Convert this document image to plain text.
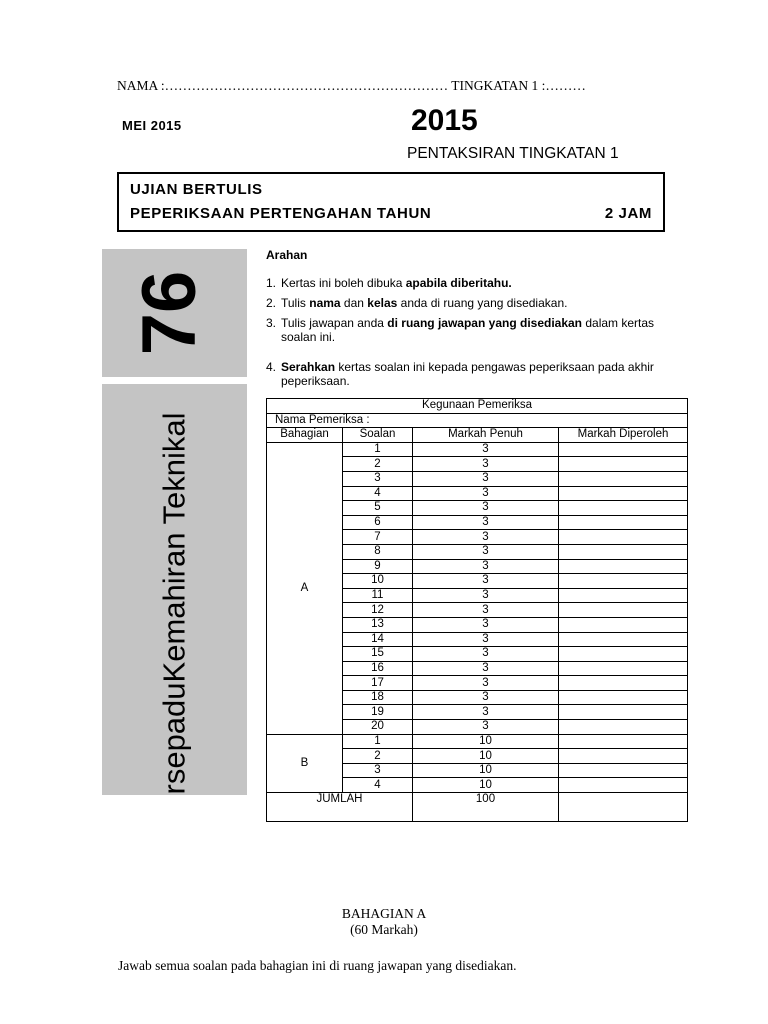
NAMA :……………………………………………………… TINGKATAN 1 :………
MEI 2015	2015
PENTAKSIRAN TINGKATAN 1
UJIAN BERTULIS
PEPERIKSAAN PERTENGAHAN TAHUN	2 JAM
76
rsepaduKemahiran Teknikal
Arahan
1. Kertas ini boleh dibuka apabila diberitahu.
2. Tulis nama dan kelas anda di ruang yang disediakan.
3. Tulis jawapan anda di ruang jawapan yang disediakan dalam kertas soalan ini.
4. Serahkan kertas soalan ini kepada pengawas peperiksaan pada akhir peperiksaan.
Kegunaan Pemeriksa			
Nama Pemeriksa :			
Bahagian	Soalan	Markah Penuh	Markah Diperoleh
A	1	3	
	2	3	
	3	3	
	4	3	
	5	3	
	6	3	
	7	3	
	8	3	
	9	3	
	10	3	
	11	3	
	12	3	
	13	3	
	14	3	
	15	3	
	16	3	
	17	3	
	18	3	
	19	3	
	20	3	
B	1	10	
	2	10	
	3	10	
	4	10	
JUMLAH		100	
BAHAGIAN A
(60 Markah)
Jawab semua soalan pada bahagian ini di ruang jawapan yang disediakan.
